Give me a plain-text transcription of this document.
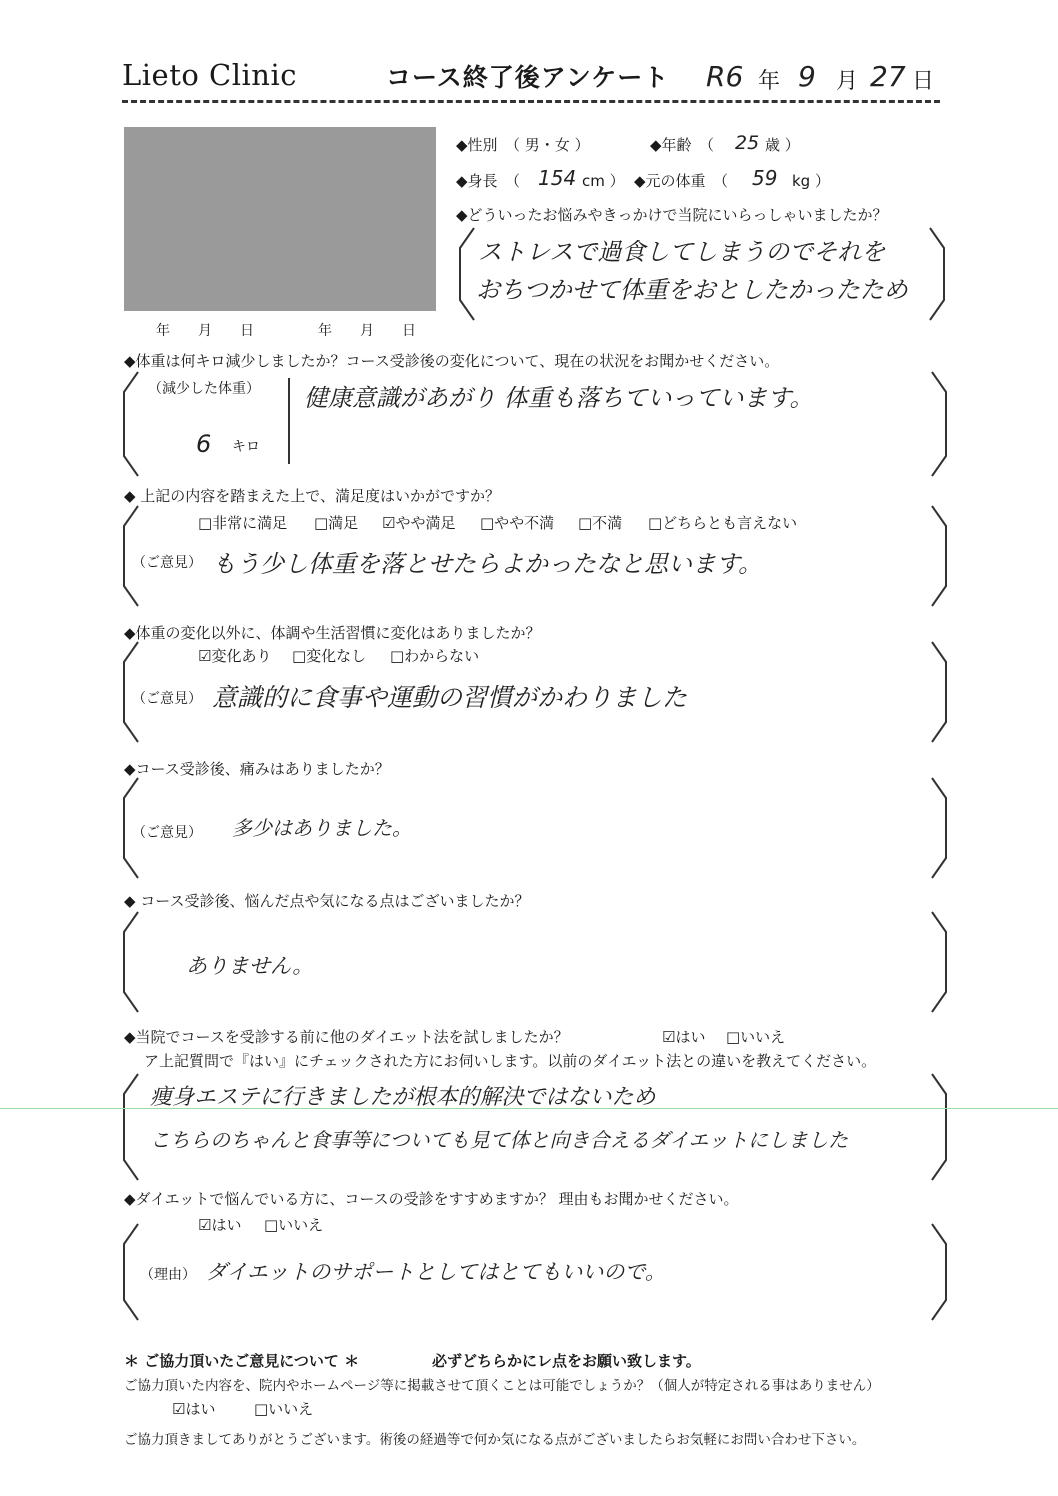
Lieto Clinic	コース終了後アンケート R6 年 9 月 27 日
年　　月　　日	年　　月　　日
◆性別　（ 男・女 ）	◆年齢　（ 25 歳 ）
◆身長　（ 154 cm ） ◆元の体重　（ 59 kg ）
◆どういったお悩みやきっかけで当院にいらっしゃいましたか？
ストレスで過食してしまうのでそれを
おちつかせて体重をおとしたかったため
◆体重は何キロ減少しましたか？コース受診後の変化について、現在の状況をお聞かせください。
（減少した体重）
6 キロ
健康意識があがり 体重も落ちていっています。
◆ 上記の内容を踏まえた上で、満足度はいかがですか？
□非常に満足 □満足 ☑やや満足 □やや不満 □不満 □どちらとも言えない
（ご意見） もう少し体重を落とせたらよかったなと思います。
◆体重の変化以外に、体調や生活習慣に変化はありましたか？
☑変化あり □変化なし □わからない
（ご意見） 意識的に食事や運動の習慣がかわりました
◆コース受診後、痛みはありましたか？
（ご意見） 多少はありました。
◆ コース受診後、悩んだ点や気になる点はございましたか？
ありません。
◆当院でコースを受診する前に他のダイエット法を試しましたか？	☑はい □いいえ
ア上記質問で『はい』にチェックされた方にお伺いします。以前のダイエット法との違いを教えてください。
痩身エステに行きましたが根本的解決ではないため
こちらのちゃんと食事等についても見て体と向き合えるダイエットにしました
◆ダイエットで悩んでいる方に、コースの受診をすすめますか？ 理由もお聞かせください。
☑はい □いいえ
（理由） ダイエットのサポートとしてはとてもいいので。
＊ ご協力頂いたご意見について ＊	必ずどちらかにレ点をお願い致します。
ご協力頂いた内容を、院内やホームページ等に掲載させて頂くことは可能でしょうか？（個人が特定される事はありません）
☑はい	□いいえ
ご協力頂きましてありがとうございます。術後の経過等で何か気になる点がございましたらお気軽にお問い合わせ下さい。
